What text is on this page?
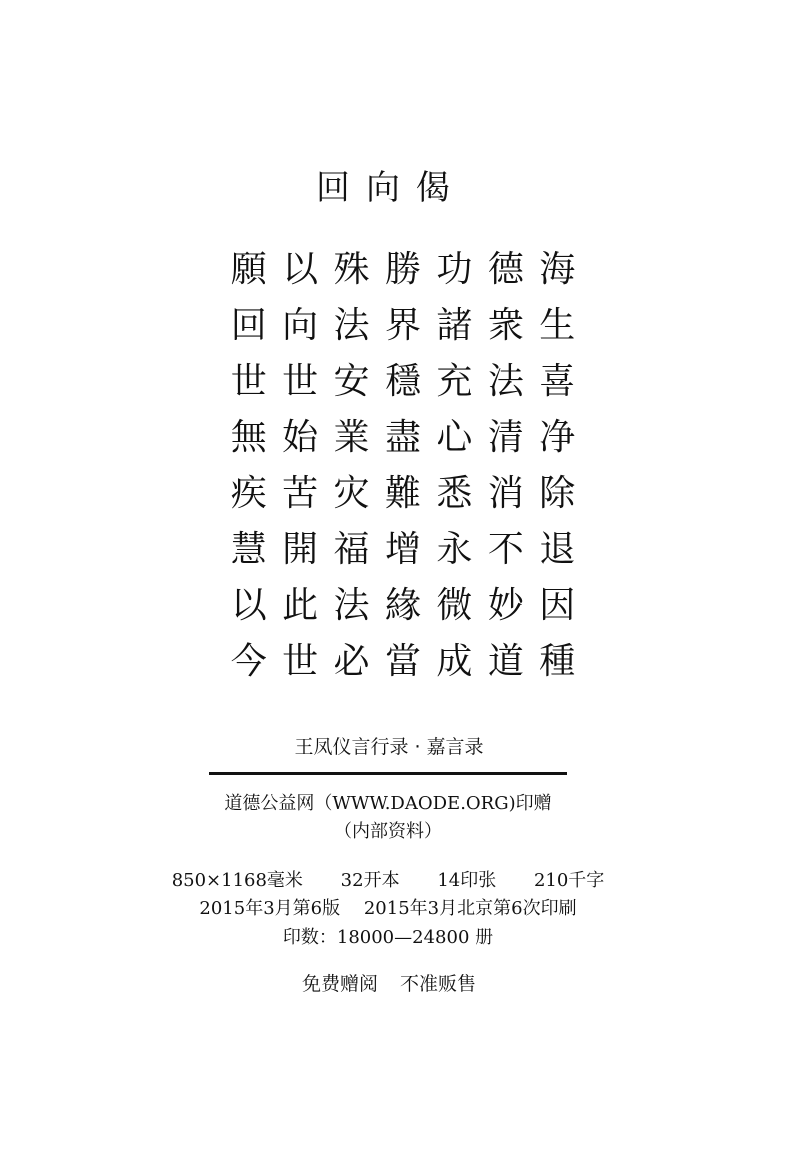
回向偈
願 以 殊 勝 功 德 海
回 向 法 界 諸 衆 生
世 世 安 穩 充 法 喜
無 始 業 盡 心 清 净
疾 苦 灾 難 悉 消 除
慧 開 福 增 永 不 退
以 此 法 緣 微 妙 因
今 世 必 當 成 道 種
王凤仪言行录 · 嘉言录
道德公益网（WWW.DAODE.ORG)印赠
（内部资料）
850×1168毫米 32开本 14印张 210千字
2015年3月第6版 2015年3月北京第6次印刷
印数：18000—24800 册
免费赠阅 不准贩售
